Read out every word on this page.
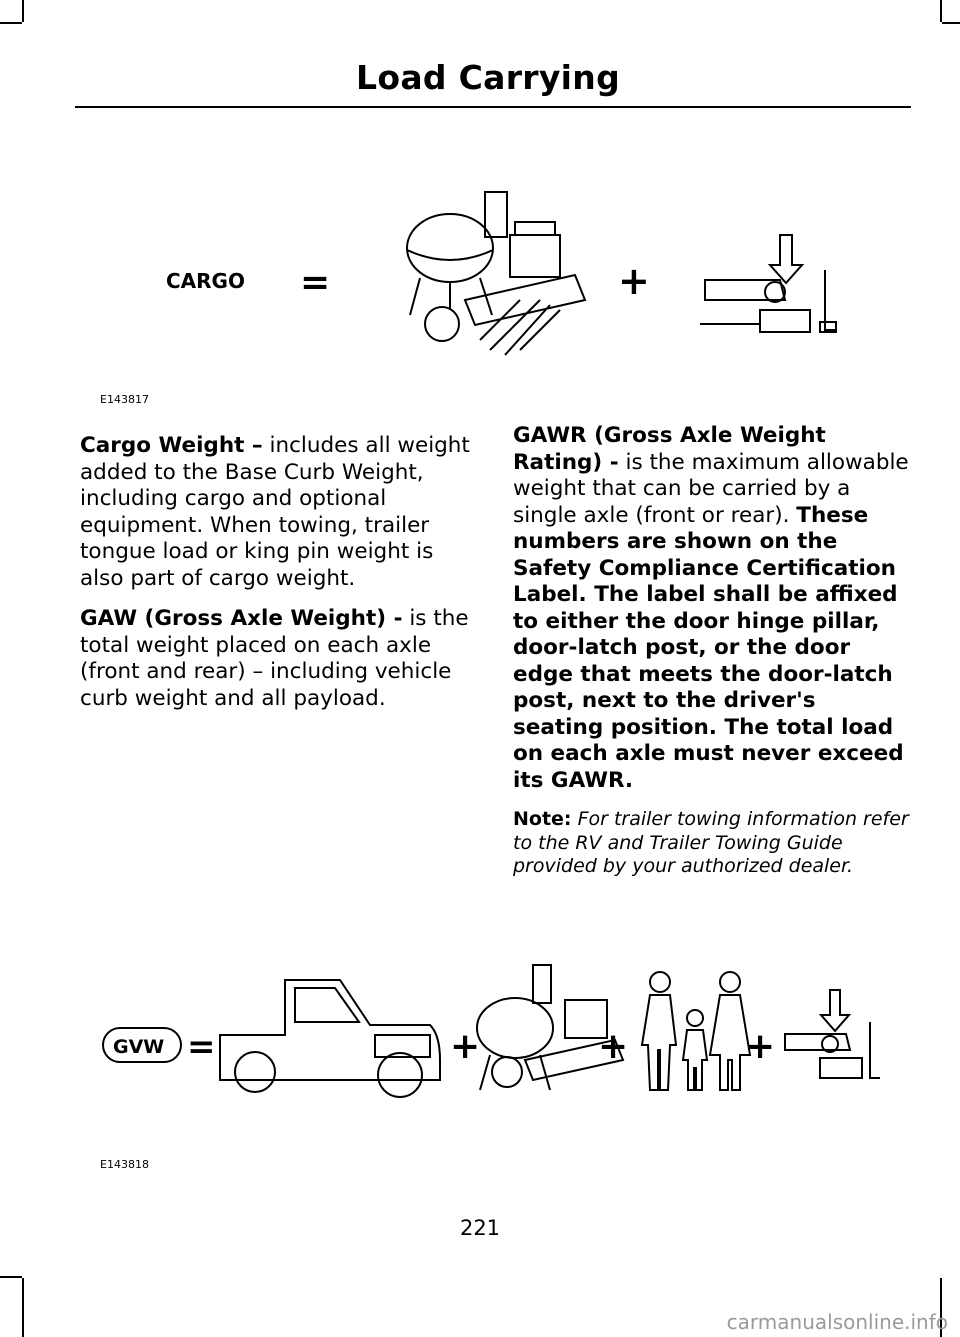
Load Carrying
CARGO =	+
E143817

Cargo Weight – includes all weight added to the Base Curb Weight, including cargo and optional equipment. When towing, trailer tongue load or king pin weight is also part of cargo weight.

GAW (Gross Axle Weight) - is the total weight placed on each axle (front and rear) – including vehicle curb weight and all payload.

GAWR (Gross Axle Weight Rating) - is the maximum allowable weight that can be carried by a single axle (front or rear). These numbers are shown on the Safety Compliance Certification Label. The label shall be affixed to either the door hinge pillar, door-latch post, or the door edge that meets the door-latch post, next to the driver's seating position. The total load on each axle must never exceed its GAWR.

Note: For trailer towing information refer to the RV and Trailer Towing Guide provided by your authorized dealer.

GVW =	+	+	+
E143818
221
carmanualsonline.info
